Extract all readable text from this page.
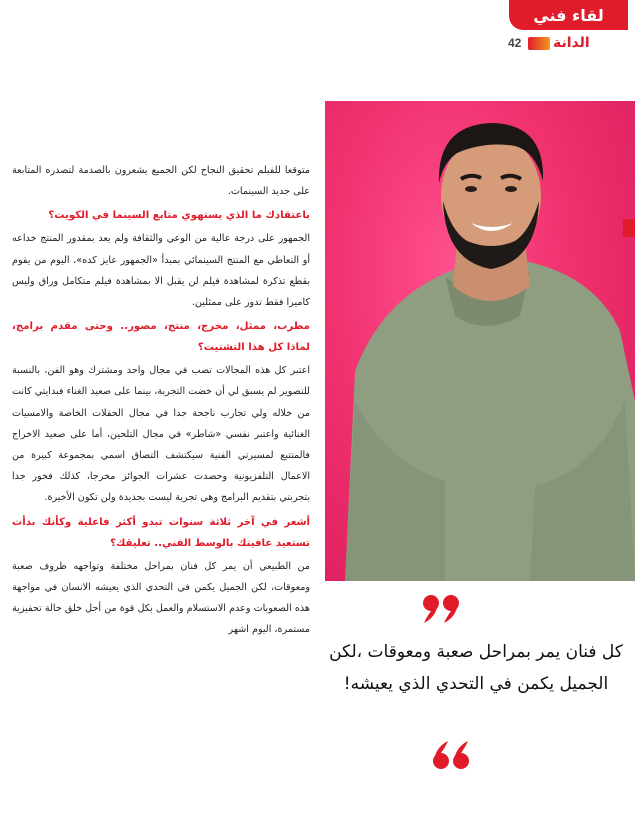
لقاء فني
42 الدانة

متوقعا للفيلم تحقيق النجاح لكن الجميع يشعرون بالصدمة لتصدره المتابعة على جديد السينمات.

باعتقادك ما الذي يستهوي متابع السينما في الكويت؟

الجمهور على درجة عالية من الوعي والثقافة ولم يعد بمقدور المنتج خداعه أو التعاطي مع المنتج السينمائي بمبدأ «الجمهور عايز كده»، اليوم من يقوم بقطع تذكرة لمشاهدة فيلم لن يقبل الا بمشاهدة فيلم متكامل وراق وليس كاميرا فقط تدور على ممثلين.

مطرب، ممثل، مخرج، منتج، مصور.. وحتى مقدم برامج، لماذا كل هذا التشتيت؟

اعتبر كل هذه المجالات تصب في مجال واحد ومشترك وهو الفن، بالنسبة للتصوير لم يسبق لي أن خضت التجربة، بينما على صعيد الغناء فبدايتي كانت من خلاله ولي تجارب ناجحة جدا في مجال الحفلات الخاصة والامسيات الغنائية واعتبر نفسي «شاطر» في مجال التلحين، أما على صعيد الاخراج فالمتتبع لمسيرتي الفنية سيكتشف التصاق اسمي بمجموعة كبيرة من الاعمال التلفزيونية وحصدت عشرات الجوائز مخرجا، كذلك فخور جدا بتجربتي بتقديم البرامج وهي تجربة ليست بجديدة ولن تكون الأخيرة.

أشعر في آخر ثلاثة سنوات تبدو أكثر فاعلية وكأنك بدأت تستعيد عافيتك بالوسط الفني.. تعليقك؟

من الطبيعي أن يمر كل فنان بمراحل مختلفة وتواجهه ظروف صعبة ومعوقات، لكن الجميل يكمن في التحدي الذي يعيشه الانسان في مواجهة هذه الصعوبات وعدم الاستسلام والعمل بكل قوة من أجل خلق حالة تحفيزية مستمرة، اليوم اشهر

كل فنان يمر بمراحل صعبة ومعوقات ،لكن الجميل يكمن في التحدي الذي يعيشه!
